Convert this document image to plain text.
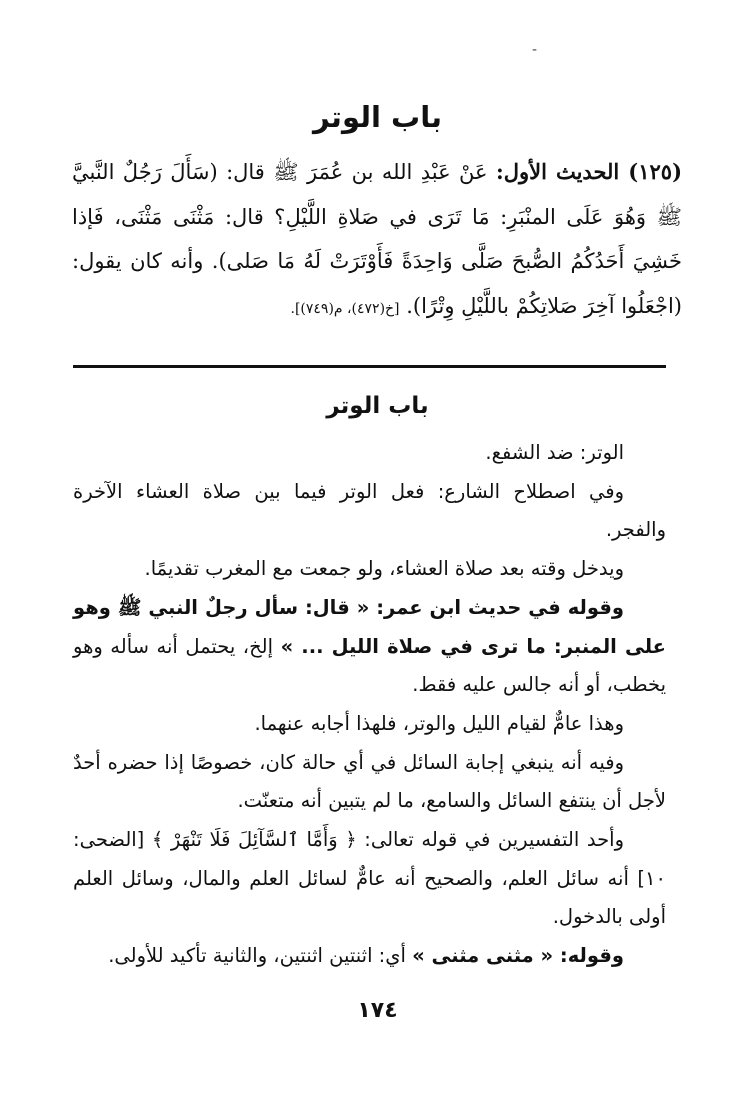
-
باب الوتر
(١٢٥) الحديث الأول: عَنْ عَبْدِ الله بن عُمَرَ ﷺ قال: (سَأَلَ رَجُلٌ النَّبيَّ ﷺ وَهُوَ عَلَى المنْبَرِ: مَا تَرَى في صَلاةِ اللَّيْلِ؟ قال: مَثْنَى مَثْنَى، فَإذا خَشِيَ أَحَدُكُمُ الصُّبحَ صَلَّى وَاحِدَةً فَأَوْتَرَتْ لَهُ مَا صَلى). وأنه كان يقول: (اجْعَلُوا آخِرَ صَلاتِكُمْ باللَّيْلِ وِتْرًا). [خ(٤٧٢)، م(٧٤٩)].
باب الوتر

الوتر: ضد الشفع.

وفي اصطلاح الشارع: فعل الوتر فيما بين صلاة العشاء الآخرة والفجر.

ويدخل وقته بعد صلاة العشاء، ولو جمعت مع المغرب تقديمًا.

وقوله في حديث ابن عمر: « قال: سأل رجلٌ النبي ﷺ وهو على المنبر: ما ترى في صلاة الليل ... » إلخ، يحتمل أنه سأله وهو يخطب، أو أنه جالس عليه فقط.

وهذا عامٌّ لقيام الليل والوتر، فلهذا أجابه عنهما.

وفيه أنه ينبغي إجابة السائل في أي حالة كان، خصوصًا إذا حضره أحدٌ لأجل أن ينتفع السائل والسامع، ما لم يتبين أنه متعنّت.

وأحد التفسيرين في قوله تعالى: ﴿ وَأَمَّا ٱلسَّآئِلَ فَلَا تَنْهَرْ ﴾ [الضحى: ١٠] أنه سائل العلم، والصحيح أنه عامٌّ لسائل العلم والمال، وسائل العلم أولى بالدخول.

وقوله: « مثنى مثنى » أي: اثنتين اثنتين، والثانية تأكيد للأولى.

١٧٤
